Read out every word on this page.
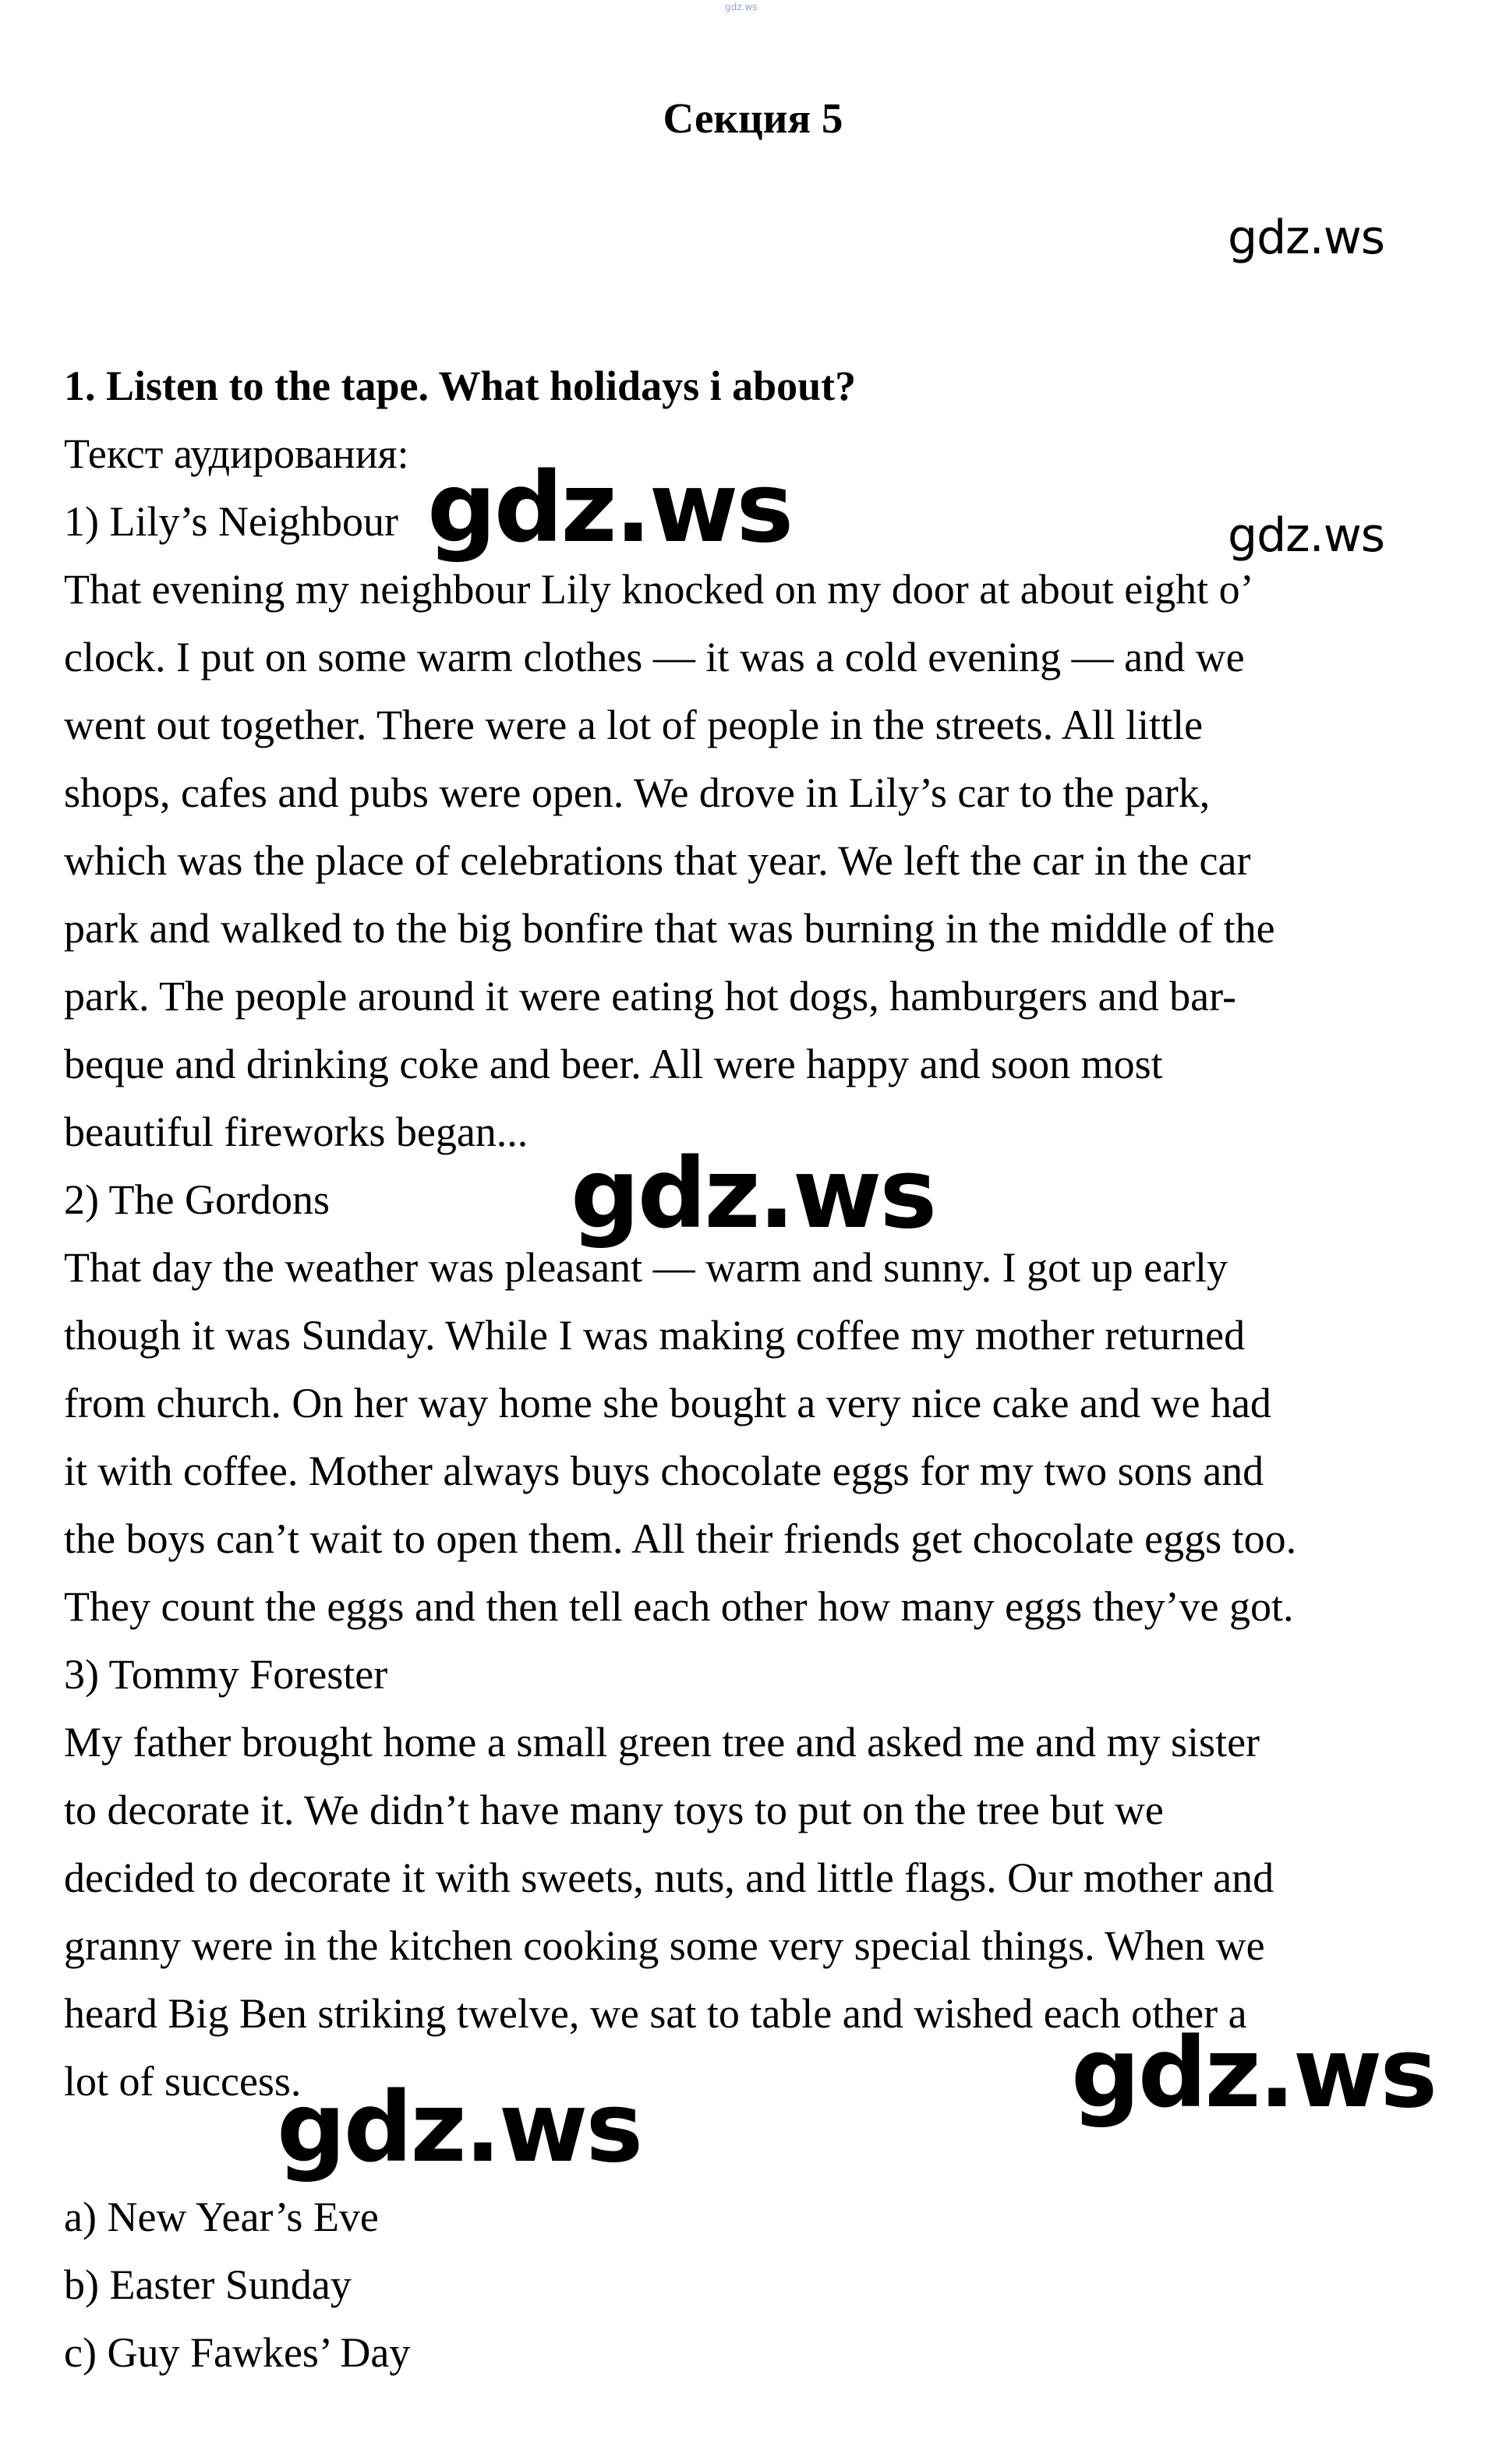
gdz.ws
Секция 5
1. Listen to the tape. What holidays i about?
Текст аудирования:
1) Lily’s Neighbour
That evening my neighbour Lily knocked on my door at about eight o’
clock. I put on some warm clothes — it was a cold evening — and we
went out together. There were a lot of people in the streets. All little
shops, cafes and pubs were open. We drove in Lily’s car to the park,
which was the place of celebrations that year. We left the car in the car
park and walked to the big bonfire that was burning in the middle of the
park. The people around it were eating hot dogs, hamburgers and bar-
beque and drinking coke and beer. All were happy and soon most
beautiful fireworks began...
2) The Gordons
That day the weather was pleasant — warm and sunny. I got up early
though it was Sunday. While I was making coffee my mother returned
from church. On her way home she bought a very nice cake and we had
it with coffee. Mother always buys chocolate eggs for my two sons and
the boys can’t wait to open them. All their friends get chocolate eggs too.
They count the eggs and then tell each other how many eggs they’ve got.
3) Tommy Forester
My father brought home a small green tree and asked me and my sister
to decorate it. We didn’t have many toys to put on the tree but we
decided to decorate it with sweets, nuts, and little flags. Our mother and
granny were in the kitchen cooking some very special things. When we
heard Big Ben striking twelve, we sat to table and wished each other a
lot of success.
a) New Year’s Eve
b) Easter Sunday
c) Guy Fawkes’ Day
gdz.ws
gdz.ws	gdz.ws
gdz.ws
gdz.ws
gdz.ws
